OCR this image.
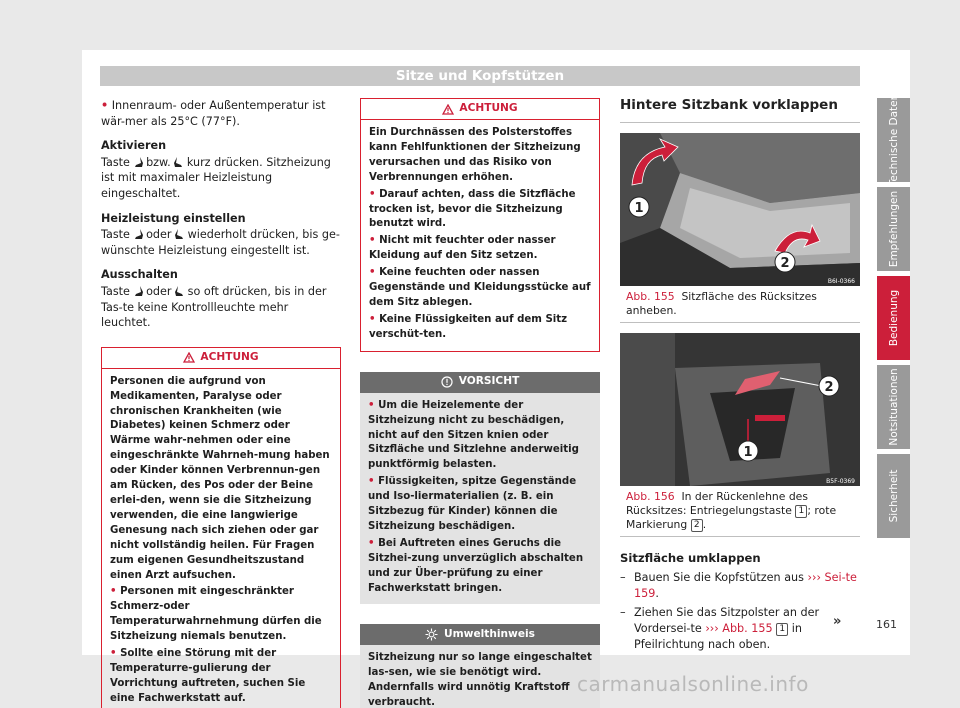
Sitze und Kopfstützen
• Innenraum- oder Außentemperatur ist wär-mer als 25°C (77°F).
Aktivieren
Taste bzw. kurz drücken. Sitzheizung ist mit maximaler Heizleistung eingeschaltet.
Heizleistung einstellen
Taste oder wiederholt drücken, bis ge-wünschte Heizleistung eingestellt ist.
Ausschalten
Taste oder so oft drücken, bis in der Tas-te keine Kontrollleuchte mehr leuchtet.
ACHTUNG
Personen die aufgrund von Medikamenten, Paralyse oder chronischen Krankheiten (wie Diabetes) keinen Schmerz oder Wärme wahr-nehmen oder eine eingeschränkte Wahrneh-mung haben oder Kinder können Verbrennun-gen am Rücken, des Pos oder der Beine erlei-den, wenn sie die Sitzheizung verwenden, die eine langwierige Genesung nach sich ziehen oder gar nicht vollständig heilen. Für Fragen zum eigenen Gesundheitszustand einen Arzt aufsuchen.
• Personen mit eingeschränkter Schmerz-oder Temperaturwahrnehmung dürfen die Sitzheizung niemals benutzen.
• Sollte eine Störung mit der Temperaturre-gulierung der Vorrichtung auftreten, suchen Sie eine Fachwerkstatt auf.
ACHTUNG
Ein Durchnässen des Polsterstoffes kann Fehlfunktionen der Sitzheizung verursachen und das Risiko von Verbrennungen erhöhen.
• Darauf achten, dass die Sitzfläche trocken ist, bevor die Sitzheizung benutzt wird.
• Nicht mit feuchter oder nasser Kleidung auf den Sitz setzen.
• Keine feuchten oder nassen Gegenstände und Kleidungsstücke auf dem Sitz ablegen.
• Keine Flüssigkeiten auf dem Sitz verschüt-ten.
VORSICHT
• Um die Heizelemente der Sitzheizung nicht zu beschädigen, nicht auf den Sitzen knien oder Sitzfläche und Sitzlehne anderweitig punktförmig belasten.
• Flüssigkeiten, spitze Gegenstände und Iso-liermaterialien (z. B. ein Sitzbezug für Kinder) können die Sitzheizung beschädigen.
• Bei Auftreten eines Geruchs die Sitzhei-zung unverzüglich abschalten und zur Über-prüfung zu einer Fachwerkstatt bringen.
Umwelthinweis
Sitzheizung nur so lange eingeschaltet las-sen, wie sie benötigt wird. Andernfalls wird unnötig Kraftstoff verbraucht.
Hintere Sitzbank vorklappen
1
2
B6I-0366
Abb. 155 Sitzfläche des Rücksitzes anheben.
2
1
B5F-0369
Abb. 156 In der Rückenlehne des Rücksitzes: Entriegelungstaste 1 ; rote Markierung 2 .
Sitzfläche umklappen
– Bauen Sie die Kopfstützen aus ››› Sei-te 159.
– Ziehen Sie das Sitzpolster an der Vordersei-te ››› Abb. 155 1 in Pfeilrichtung nach oben.
»
Technische Daten
Empfehlungen
Bedienung
Notsituationen
Sicherheit
161
carmanualsonline.info
